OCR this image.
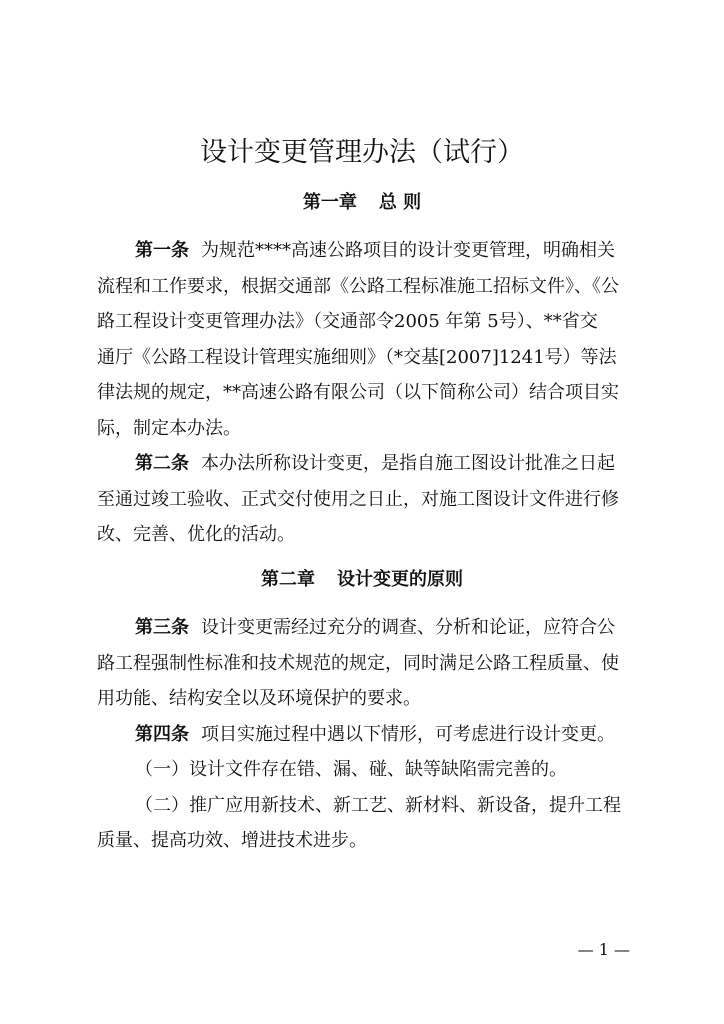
设计变更管理办法（试行）
第一章 总 则
第一条 为规范****高速公路项目的设计变更管理，明确相关
流程和工作要求，根据交通部《公路工程标准施工招标文件》、《公
路工程设计变更管理办法》（交通部令2005 年第 5号）、**省交
通厅《公路工程设计管理实施细则》（*交基[2007]1241号）等法
律法规的规定，**高速公路有限公司（以下简称公司）结合项目实
际，制定本办法。
第二条 本办法所称设计变更，是指自施工图设计批准之日起
至通过竣工验收、正式交付使用之日止，对施工图设计文件进行修
改、完善、优化的活动。
第二章 设计变更的原则
第三条 设计变更需经过充分的调查、分析和论证，应符合公
路工程强制性标准和技术规范的规定，同时满足公路工程质量、使
用功能、结构安全以及环境保护的要求。
第四条 项目实施过程中遇以下情形，可考虑进行设计变更。
（一）设计文件存在错、漏、碰、缺等缺陷需完善的。
（二）推广应用新技术、新工艺、新材料、新设备，提升工程
质量、提高功效、增进技术进步。
— 1 —
